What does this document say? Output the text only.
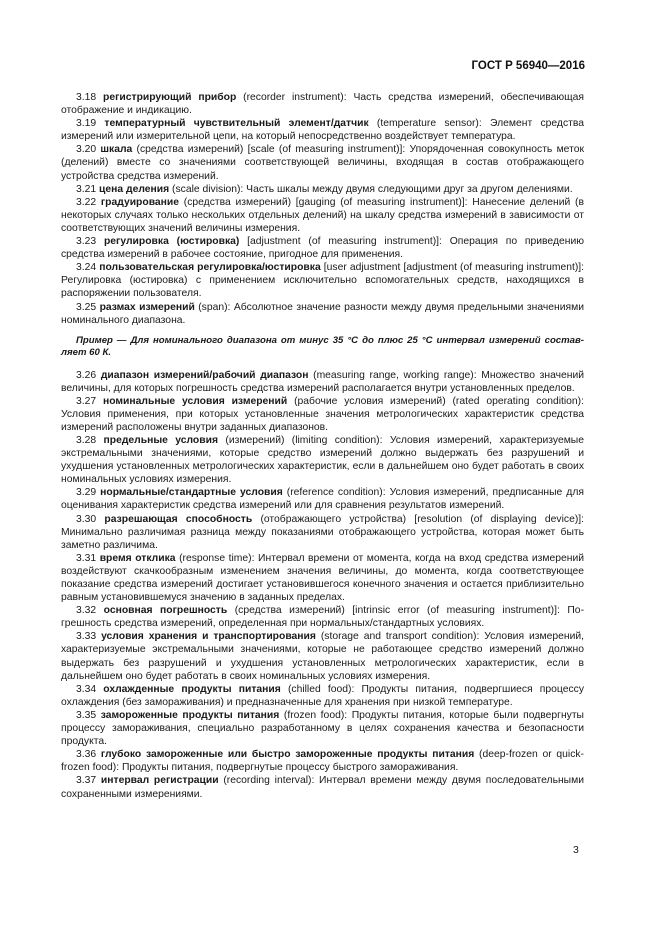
ГОСТ Р 56940—2016

3.18 регистрирующий прибор (recorder instrument): Часть средства измерений, обеспечивающая отображение и индикацию.

3.19 температурный чувствительный элемент/датчик (temperature sensor): Элемент средства измерений или измерительной цепи, на который непосредственно воздействует температура.

3.20 шкала (средства измерений) [scale (of measuring instrument)]: Упорядоченная совокупность меток (делений) вместе со значениями соответствующей величины, входящая в состав отображающего устройства средства измерений.

3.21 цена деления (scale division): Часть шкалы между двумя следующими друг за другом делениями.

3.22 градуирование (средства измерений) [gauging (of measuring instrument)]: Нанесение делений (в некоторых случаях только нескольких отдельных делений) на шкалу средства измерений в зависимости от соответствующих значений величины измерения.

3.23 регулировка (юстировка) [adjustment (of measuring instrument)]: Операция по приведению средства измерений в рабочее состояние, пригодное для применения.

3.24 пользовательская регулировка/юстировка [user adjustment [adjustment (of measuring instrument)]: Регулировка (юстировка) с применением исключительно вспомогательных средств, находящихся в распоряжении пользователя.

3.25 размах измерений (span): Абсолютное значение разности между двумя предельными значениями номинального диапазона.

Пример — Для номинального диапазона от минус 35 °С до плюс 25 °С интервал измерений составляет 60 К.

3.26 диапазон измерений/рабочий диапазон (measuring range, working range): Множество значений величины, для которых погрешность средства измерений располагается внутри установленных пределов.

3.27 номинальные условия измерений (рабочие условия измерений) (rated operating condition): Условия применения, при которых установленные значения метрологических характеристик средства измерений расположены внутри заданных диапазонов.

3.28 предельные условия (измерений) (limiting condition): Условия измерений, характеризуемые экстремальными значениями, которые средство измерений должно выдержать без разрушений и ухудшения установленных метрологических характеристик, если в дальнейшем оно будет работать в своих номинальных условиях измерения.

3.29 нормальные/стандартные условия (reference condition): Условия измерений, предписанные для оценивания характеристик средства измерений или для сравнения результатов измерений.

3.30 разрешающая способность (отображающего устройства) [resolution (of displaying device)]: Минимально различимая разница между показаниями отображающего устройства, которая может быть заметно различима.

3.31 время отклика (response time): Интервал времени от момента, когда на вход средства измерений воздействуют скачкообразным изменением значения величины, до момента, когда соответствующее показание средства измерений достигает установившегося конечного значения и остается приблизительно равным установившемуся значению в заданных пределах.

3.32 основная погрешность (средства измерений) [intrinsic error (of measuring instrument)]: Погрешность средства измерений, определенная при нормальных/стандартных условиях.

3.33 условия хранения и транспортирования (storage and transport condition): Условия измерений, характеризуемые экстремальными значениями, которые не работающее средство измерений должно выдержать без разрушений и ухудшения установленных метрологических характеристик, если в дальнейшем оно будет работать в своих номинальных условиях измерения.

3.34 охлажденные продукты питания (chilled food): Продукты питания, подвергшиеся процессу охлаждения (без замораживания) и предназначенные для хранения при низкой температуре.

3.35 замороженные продукты питания (frozen food): Продукты питания, которые были подвергнуты процессу замораживания, специально разработанному в целях сохранения качества и безопасности продукта.

3.36 глубоко замороженные или быстро замороженные продукты питания (deep-frozen or quick-frozen food): Продукты питания, подвергнутые процессу быстрого замораживания.

3.37 интервал регистрации (recording interval): Интервал времени между двумя последовательными сохраненными измерениями.

3
